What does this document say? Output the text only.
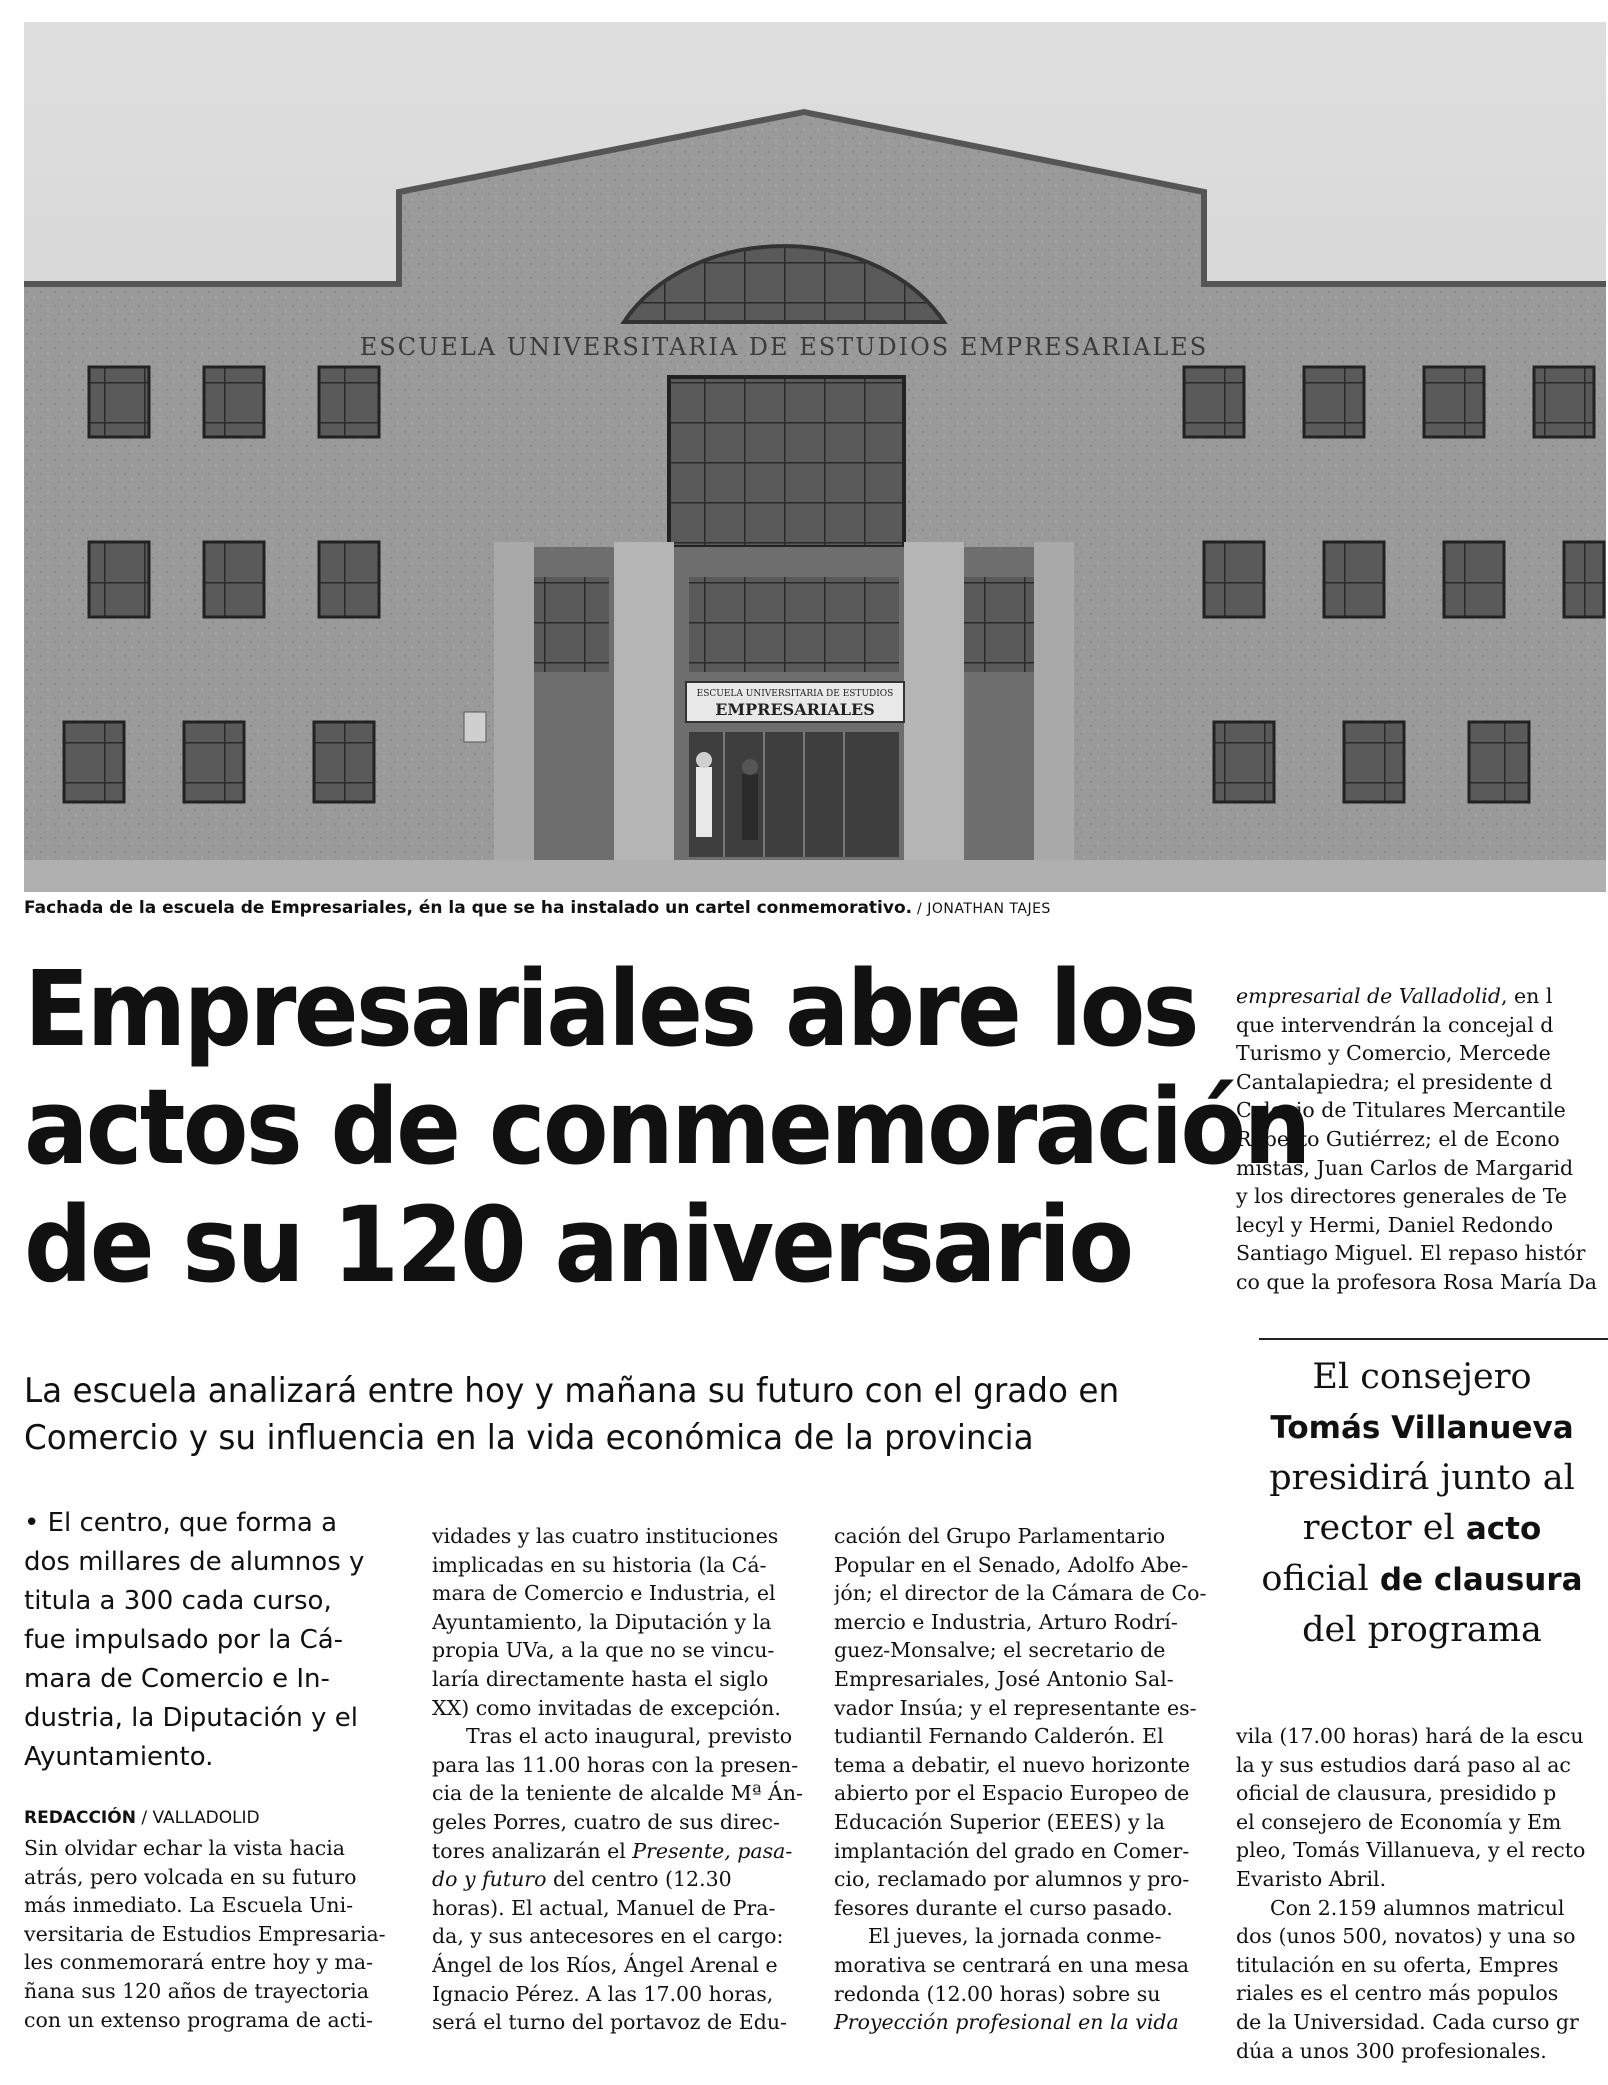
ESCUELA UNIVERSITARIA DE ESTUDIOS EMPRESARIALES
ESCUELA UNIVERSITARIA DE ESTUDIOS
EMPRESARIALES
Fachada de la escuela de Empresariales, én la que se ha instalado un cartel conmemorativo. / JONATHAN TAJES
Empresariales abre los
actos de conmemoración
de su 120 aniversario
La escuela analizará entre hoy y mañana su futuro con el grado en
Comercio y su influencia en la vida económica de la provincia
• El centro, que forma a
dos millares de alumnos y
titula a 300 cada curso,
fue impulsado por la Cá-
mara de Comercio e In-
dustria, la Diputación y el
Ayuntamiento.
REDACCIÓN / VALLADOLID
Sin olvidar echar la vista hacia
atrás, pero volcada en su futuro
más inmediato. La Escuela Uni-
versitaria de Estudios Empresaria-
les conmemorará entre hoy y ma-
ñana sus 120 años de trayectoria
con un extenso programa de acti-
vidades y las cuatro instituciones
implicadas en su historia (la Cá-
mara de Comercio e Industria, el
Ayuntamiento, la Diputación y la
propia UVa, a la que no se vincu-
laría directamente hasta el siglo
XX) como invitadas de excepción.
Tras el acto inaugural, previsto
para las 11.00 horas con la presen-
cia de la teniente de alcalde Mª Án-
geles Porres, cuatro de sus direc-
tores analizarán el Presente, pasa-
do y futuro del centro (12.30
horas). El actual, Manuel de Pra-
da, y sus antecesores en el cargo:
Ángel de los Ríos, Ángel Arenal e
Ignacio Pérez. A las 17.00 horas,
será el turno del portavoz de Edu-
cación del Grupo Parlamentario
Popular en el Senado, Adolfo Abe-
jón; el director de la Cámara de Co-
mercio e Industria, Arturo Rodrí-
guez-Monsalve; el secretario de
Empresariales, José Antonio Sal-
vador Insúa; y el representante es-
tudiantil Fernando Calderón. El
tema a debatir, el nuevo horizonte
abierto por el Espacio Europeo de
Educación Superior (EEES) y la
implantación del grado en Comer-
cio, reclamado por alumnos y pro-
fesores durante el curso pasado.
El jueves, la jornada conme-
morativa se centrará en una mesa
redonda (12.00 horas) sobre su
Proyección profesional en la vida
empresarial de Valladolid, en l
que intervendrán la concejal d
Turismo y Comercio, Mercede
Cantalapiedra; el presidente d
Colegio de Titulares Mercantile
Roberto Gutiérrez; el de Econo
mistas, Juan Carlos de Margarid
y los directores generales de Te
lecyl y Hermi, Daniel Redondo
Santiago Miguel. El repaso histór
co que la profesora Rosa María Da
El consejero
Tomás Villanueva
presidirá junto al
rector el acto
oficial de clausura
del programa
vila (17.00 horas) hará de la escu
la y sus estudios dará paso al ac
oficial de clausura, presidido p
el consejero de Economía y Em
pleo, Tomás Villanueva, y el recto
Evaristo Abril.
Con 2.159 alumnos matricul
dos (unos 500, novatos) y una so
titulación en su oferta, Empres
riales es el centro más populos
de la Universidad. Cada curso gr
dúa a unos 300 profesionales.
